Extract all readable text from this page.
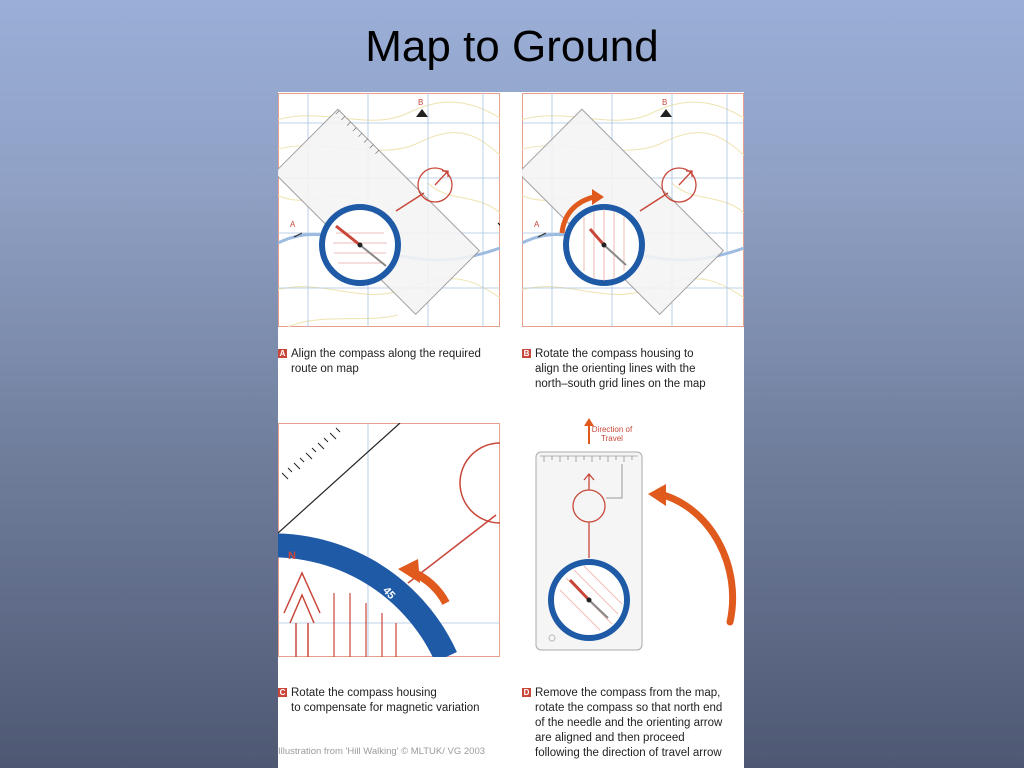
Map to Ground
B
A
B
A
A Align the compass along the required
route on map
B Rotate the compass housing to
align the orienting lines with the
north–south grid lines on the map
N
45
Direction of
Travel
C Rotate the compass housing
to compensate for magnetic variation
D Remove the compass from the map,
rotate the compass so that north end
of the needle and the orienting arrow
are aligned and then proceed
following the direction of travel arrow
Illustration from 'Hill Walking' © MLTUK/ VG 2003
